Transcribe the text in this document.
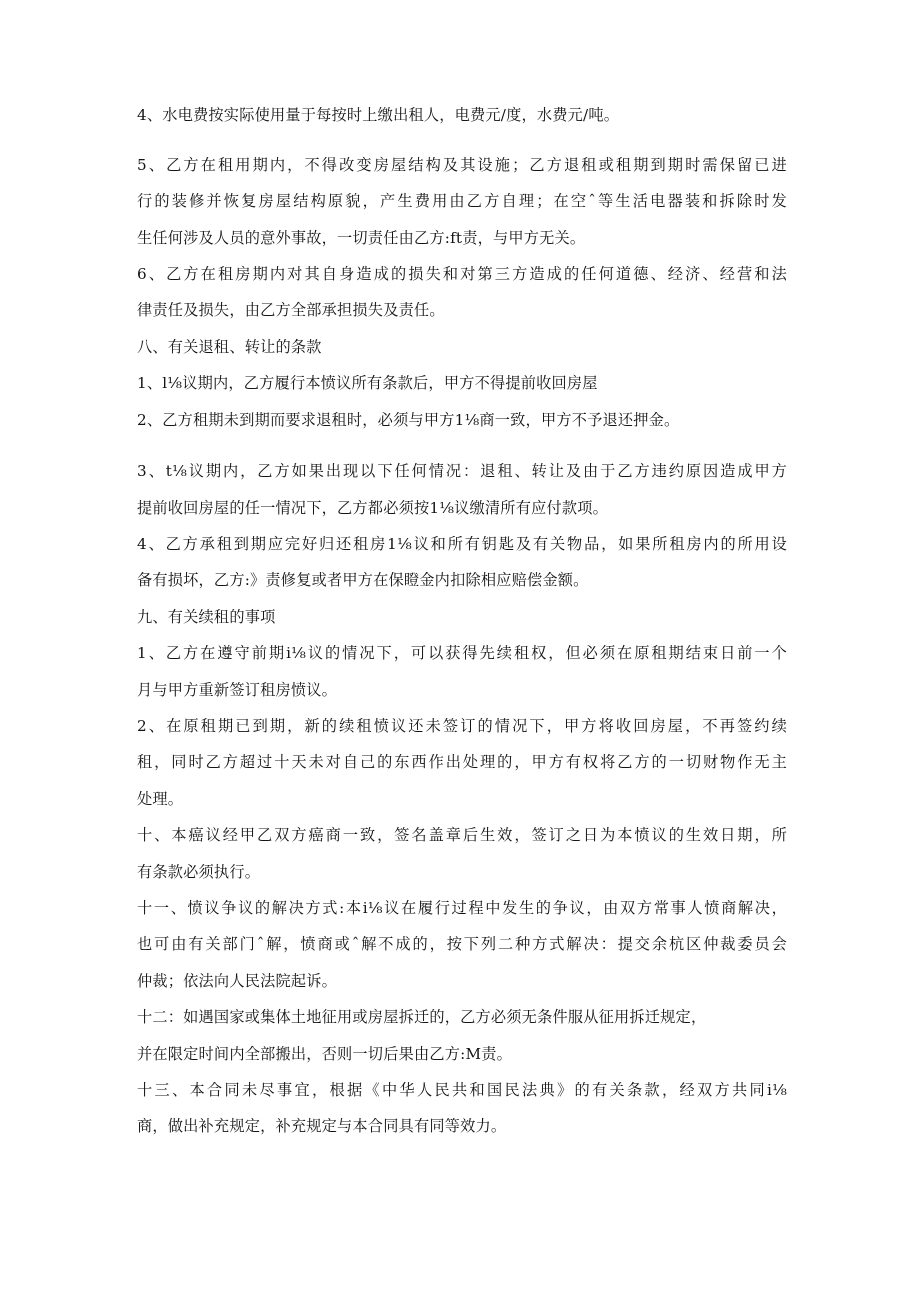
4、水电费按实际使用量于每按时上缴出租人，电费元/度，水费元/吨。

5、乙方在租用期内，不得改变房屋结构及其设施；乙方退租或租期到期时需保留已进

行的装修并恢复房屋结构原貌，产生费用由乙方自理；在空ˆ等生活电器装和拆除时发

生任何涉及人员的意外事故，一切责任由乙方:ft责，与甲方无关。

6、乙方在租房期内对其自身造成的损失和对第三方造成的任何道德、经济、经营和法

律责任及损失，由乙方全部承担损失及责任。

八、有关退租、转让的条款

1、l⅛议期内，乙方履行本愤议所有条款后，甲方不得提前收回房屋

2、乙方租期未到期而要求退租时，必须与甲方1⅛商一致，甲方不予退还押金。

3、t⅛议期内，乙方如果出现以下任何情况：退租、转让及由于乙方违约原因造成甲方

提前收回房屋的任一情况下，乙方都必须按1⅛议缴清所有应付款项。

4、乙方承租到期应完好归还租房1⅛议和所有钥匙及有关物品，如果所租房内的所用设

备有损坏，乙方:》责修复或者甲方在保瞪金内扣除相应赔偿金额。

九、有关续租的事项

1、乙方在遵守前期i⅛议的情况下，可以获得先续租权，但必须在原租期结束日前一个

月与甲方重新签订租房愤议。

2、在原租期已到期，新的续租愤议还未签订的情况下，甲方将收回房屋，不再签约续

租，同时乙方超过十天未对自己的东西作出处理的，甲方有权将乙方的一切财物作无主

处理。

十、本癌议经甲乙双方癌商一致，签名盖章后生效，签订之日为本愤议的生效日期，所

有条款必须执行。

十一、愤议争议的解决方式:本i⅛议在履行过程中发生的争议，由双方常事人愤商解决，

也可由有关部门ˆ解，愤商或ˆ解不成的，按下列二种方式解决：提交余杭区仲裁委员会

仲裁；依法向人民法院起诉。

十二：如遇国家或集体土地征用或房屋拆迁的，乙方必须无条件服从征用拆迁规定，

并在限定时间内全部搬出，否则一切后果由乙方:M责。

十三、本合同未尽事宜，根据《中华人民共和国民法典》的有关条款，经双方共同i⅛

商，做出补充规定，补充规定与本合同具有同等效力。
